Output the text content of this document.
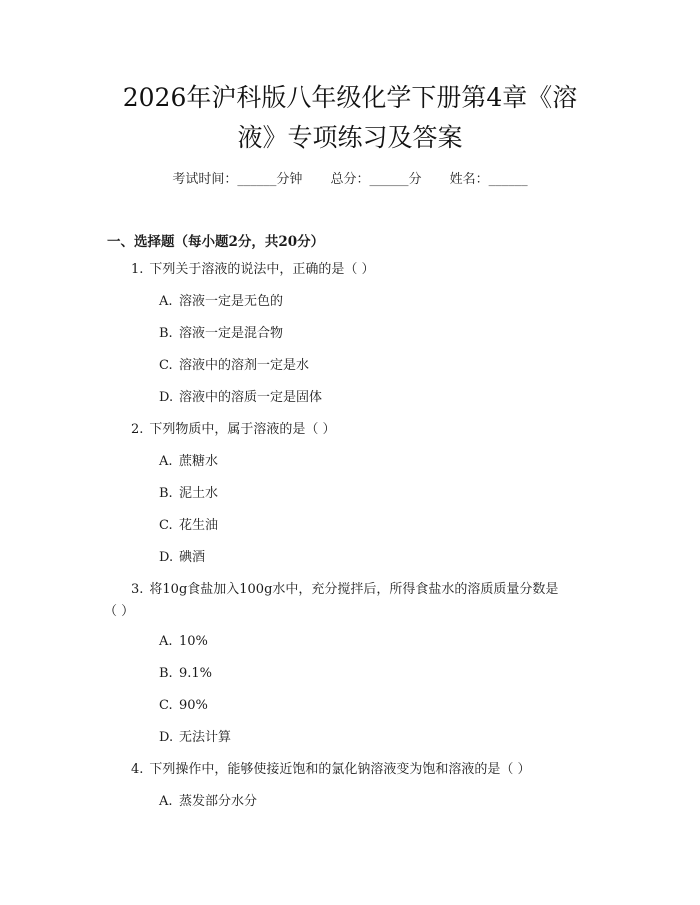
2026年沪科版八年级化学下册第4章《溶
液》专项练习及答案
考试时间：______分钟 总分：______分 姓名：______
一、选择题（每小题2分，共20分）
1. 下列关于溶液的说法中，正确的是（ ）
A. 溶液一定是无色的
B. 溶液一定是混合物
C. 溶液中的溶剂一定是水
D. 溶液中的溶质一定是固体
2. 下列物质中，属于溶液的是（ ）
A. 蔗糖水
B. 泥土水
C. 花生油
D. 碘酒
3. 将10g食盐加入100g水中，充分搅拌后，所得食盐水的溶质质量分数是
（ ）
A. 10%
B. 9.1%
C. 90%
D. 无法计算
4. 下列操作中，能够使接近饱和的氯化钠溶液变为饱和溶液的是（ ）
A. 蒸发部分水分
